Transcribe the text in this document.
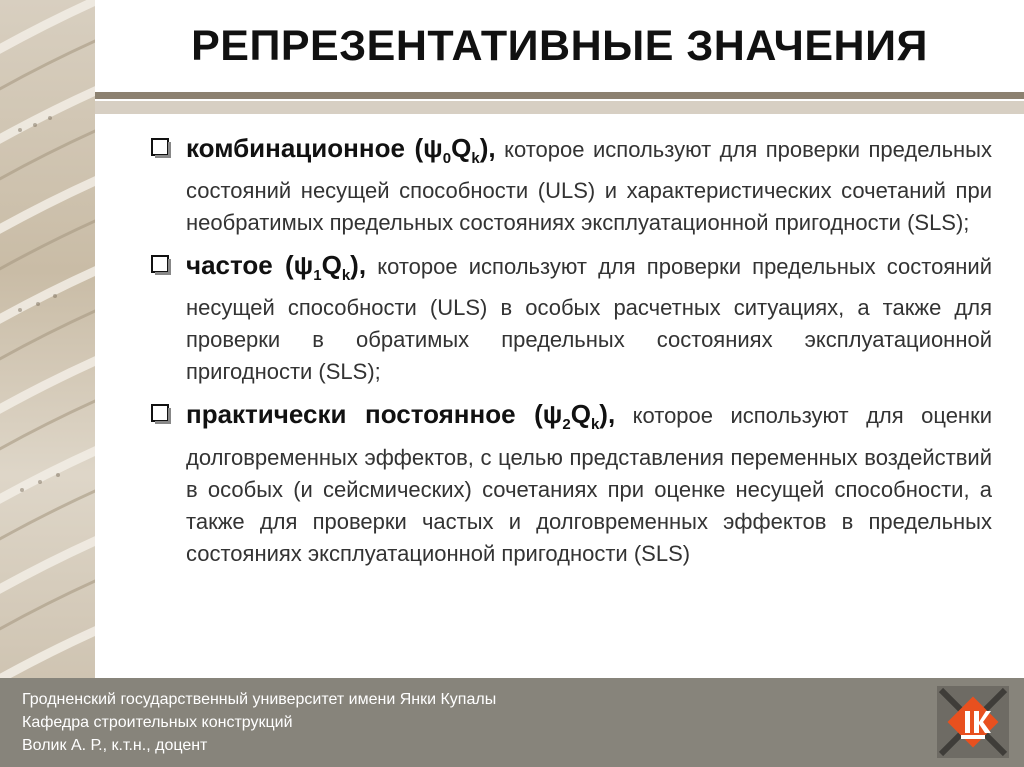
РЕПРЕЗЕНТАТИВНЫЕ ЗНАЧЕНИЯ
комбинационное $(\psi_0Q_k)$, которое используют для проверки предельных состояний несущей способности (ULS) и характеристических сочетаний при необратимых предельных состояниях эксплуатационной пригодности (SLS);
частое $(\psi_1Q_k)$, которое используют для проверки предельных состояний несущей способности (ULS) в особых расчетных ситуациях, а также для проверки в обратимых предельных состояниях эксплуатационной пригодности (SLS);
практически постоянное $(\psi_2Q_k)$, которое используют для оценки долговременных эффектов, с целью представления переменных воздействий в особых (и сейсмических) сочетаниях при оценке несущей способности, а также для проверки частых и долговременных эффектов в предельных состояниях эксплуатационной пригодности (SLS)
Гродненский государственный университет имени Янки Купалы
Кафедра строительных конструкций
Волик А. Р., к.т.н., доцент
